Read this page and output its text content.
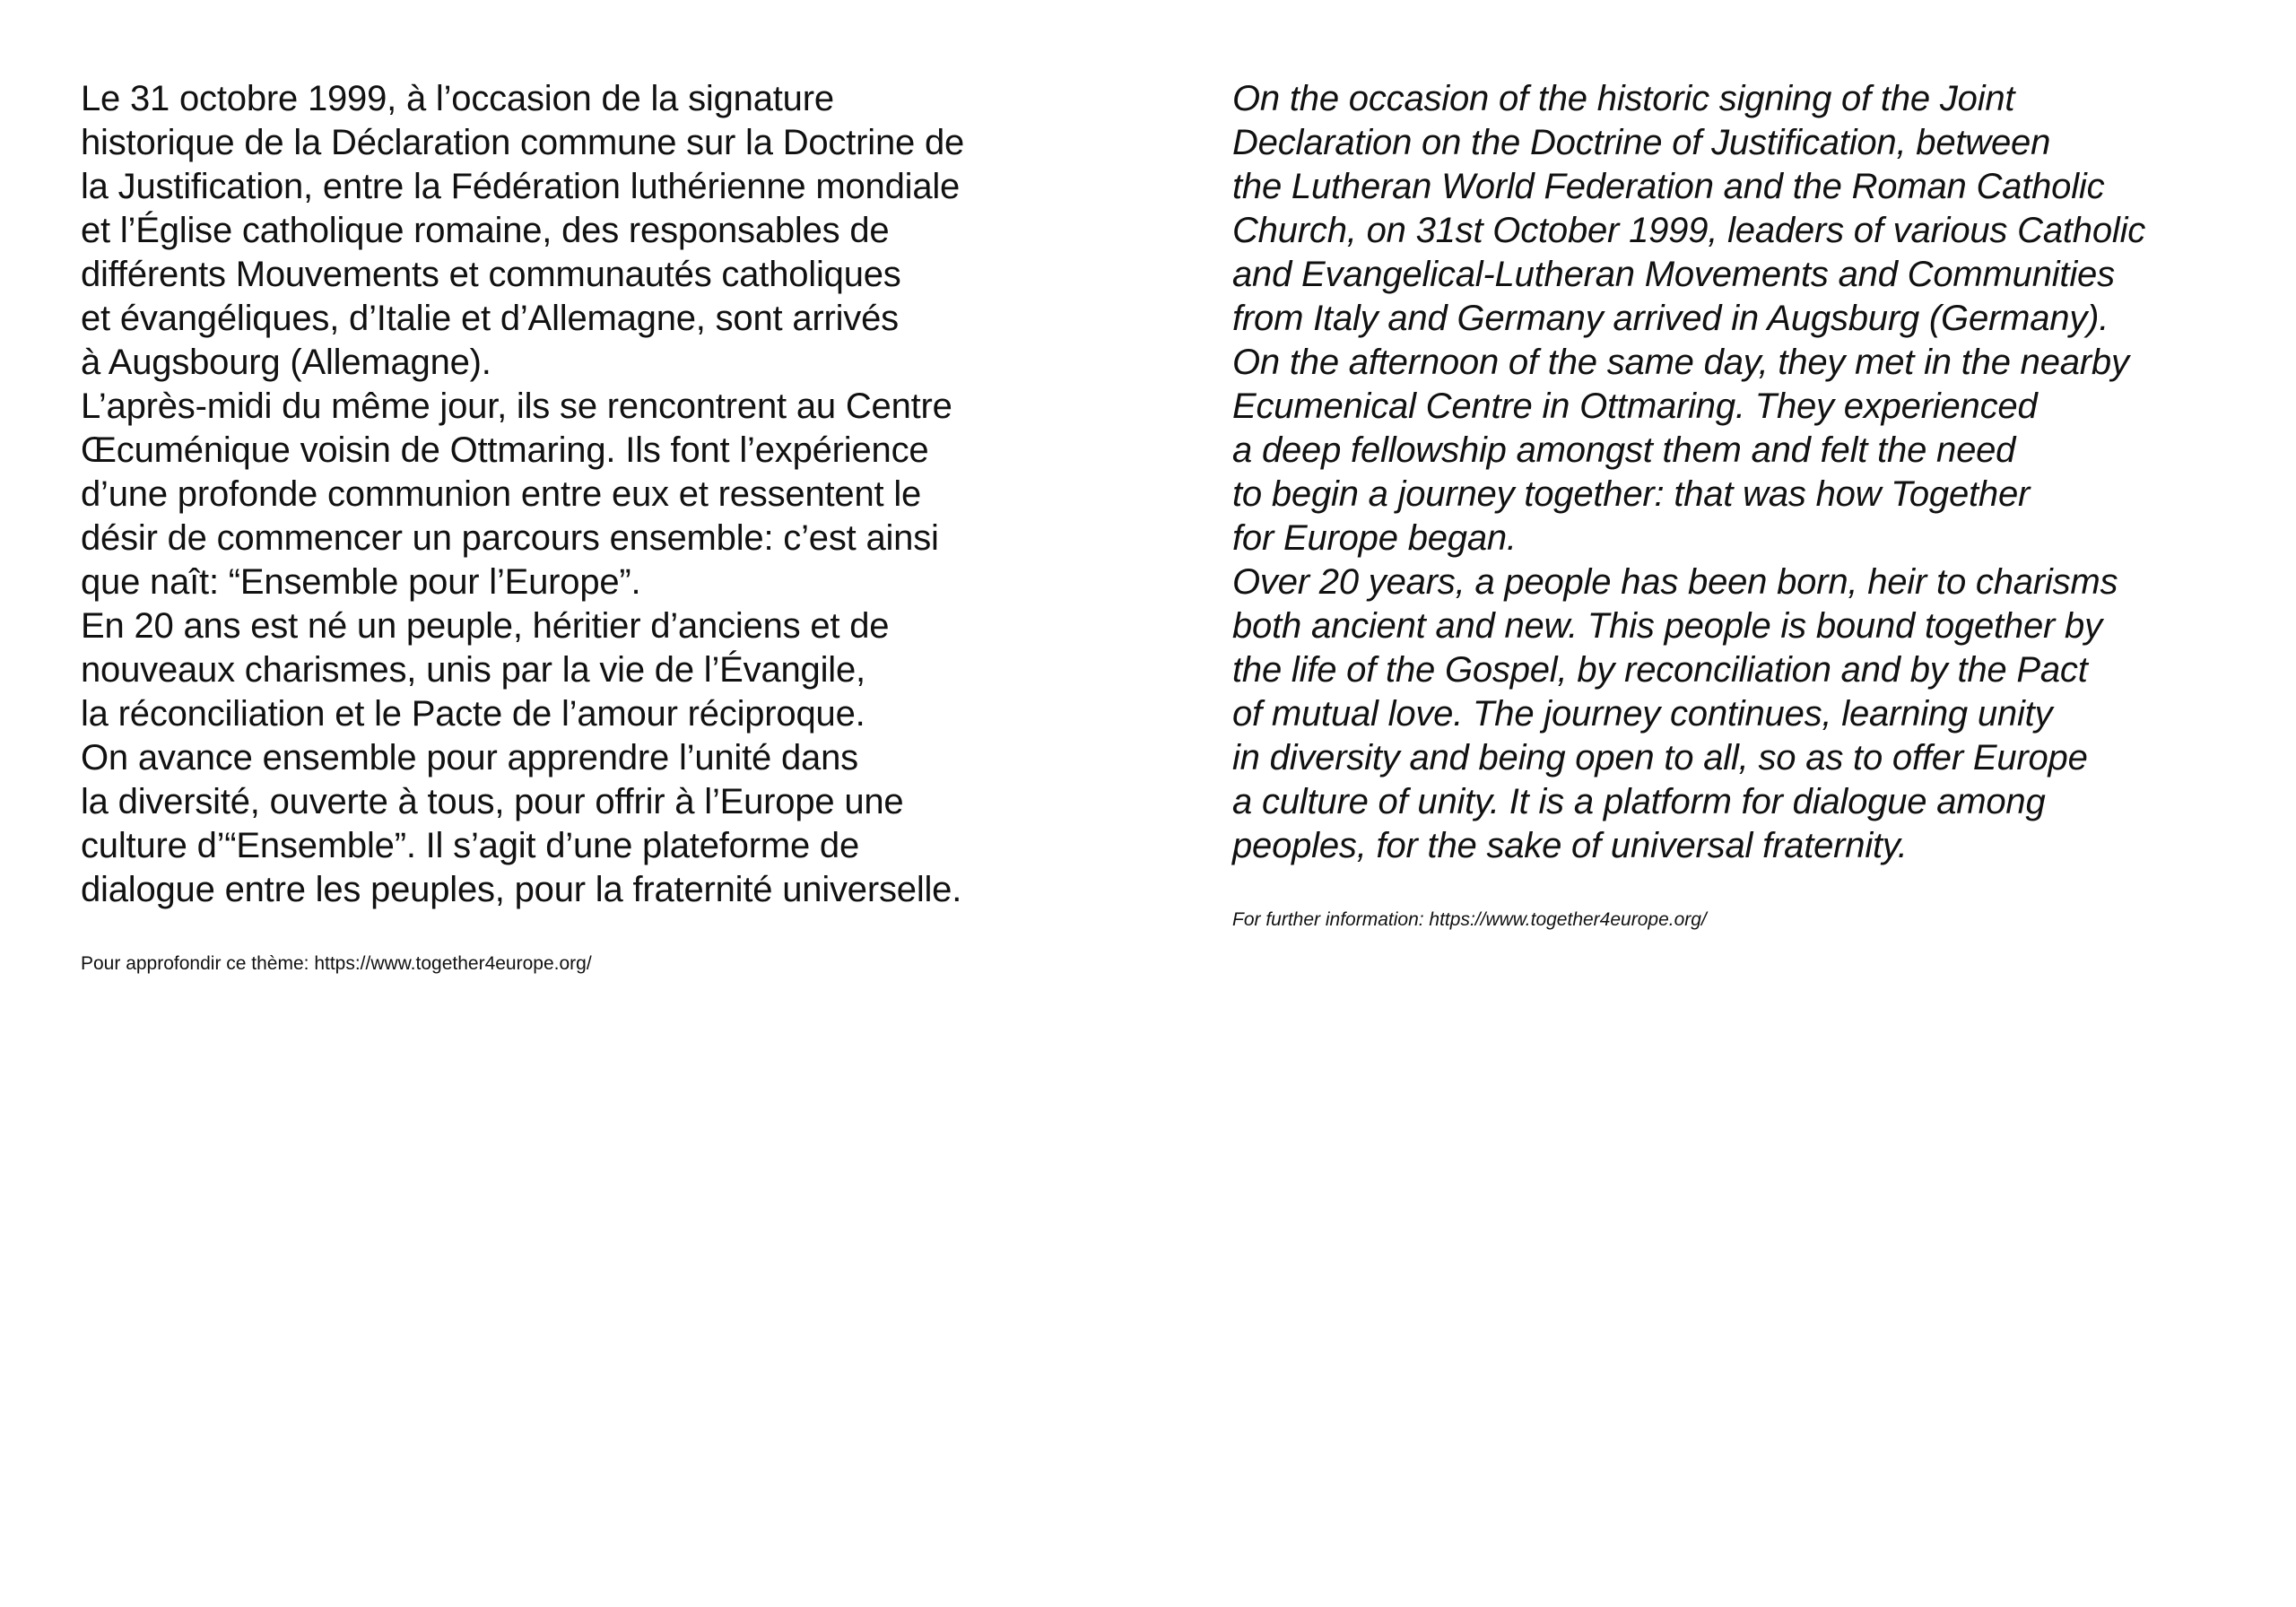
Le 31 octobre 1999, à l’occasion de la signature
historique de la Déclaration commune sur la Doctrine de
la Justification, entre la Fédération luthérienne mondiale
et l’Église catholique romaine, des responsables de
différents Mouvements et communautés catholiques
et évangéliques, d’Italie et d’Allemagne, sont arrivés
à Augsbourg (Allemagne).
L’après-midi du même jour, ils se rencontrent au Centre
Œcuménique voisin de Ottmaring. Ils font l’expérience
d’une profonde communion entre eux et ressentent le
désir de commencer un parcours ensemble: c’est ainsi
que naît: “Ensemble pour l’Europe”.
En 20 ans est né un peuple, héritier d’anciens et de
nouveaux charismes, unis par la vie de l’Évangile,
la réconciliation et le Pacte de l’amour réciproque.
On avance ensemble pour apprendre l’unité dans
la diversité, ouverte à tous, pour offrir à l’Europe une
culture d’“Ensemble”. Il s’agit d’une plateforme de
dialogue entre les peuples, pour la fraternité universelle.

Pour approfondir ce thème: https://www.together4europe.org/

On the occasion of the historic signing of the Joint
Declaration on the Doctrine of Justification, between
the Lutheran World Federation and the Roman Catholic
Church, on 31st October 1999, leaders of various Catholic
and Evangelical-Lutheran Movements and Communities
from Italy and Germany arrived in Augsburg (Germany).
On the afternoon of the same day, they met in the nearby
Ecumenical Centre in Ottmaring. They experienced
a deep fellowship amongst them and felt the need
to begin a journey together: that was how Together
for Europe began.
Over 20 years, a people has been born, heir to charisms
both ancient and new. This people is bound together by
the life of the Gospel, by reconciliation and by the Pact
of mutual love. The journey continues, learning unity
in diversity and being open to all, so as to offer Europe
a culture of unity. It is a platform for dialogue among
peoples, for the sake of universal fraternity.

For further information: https://www.together4europe.org/
